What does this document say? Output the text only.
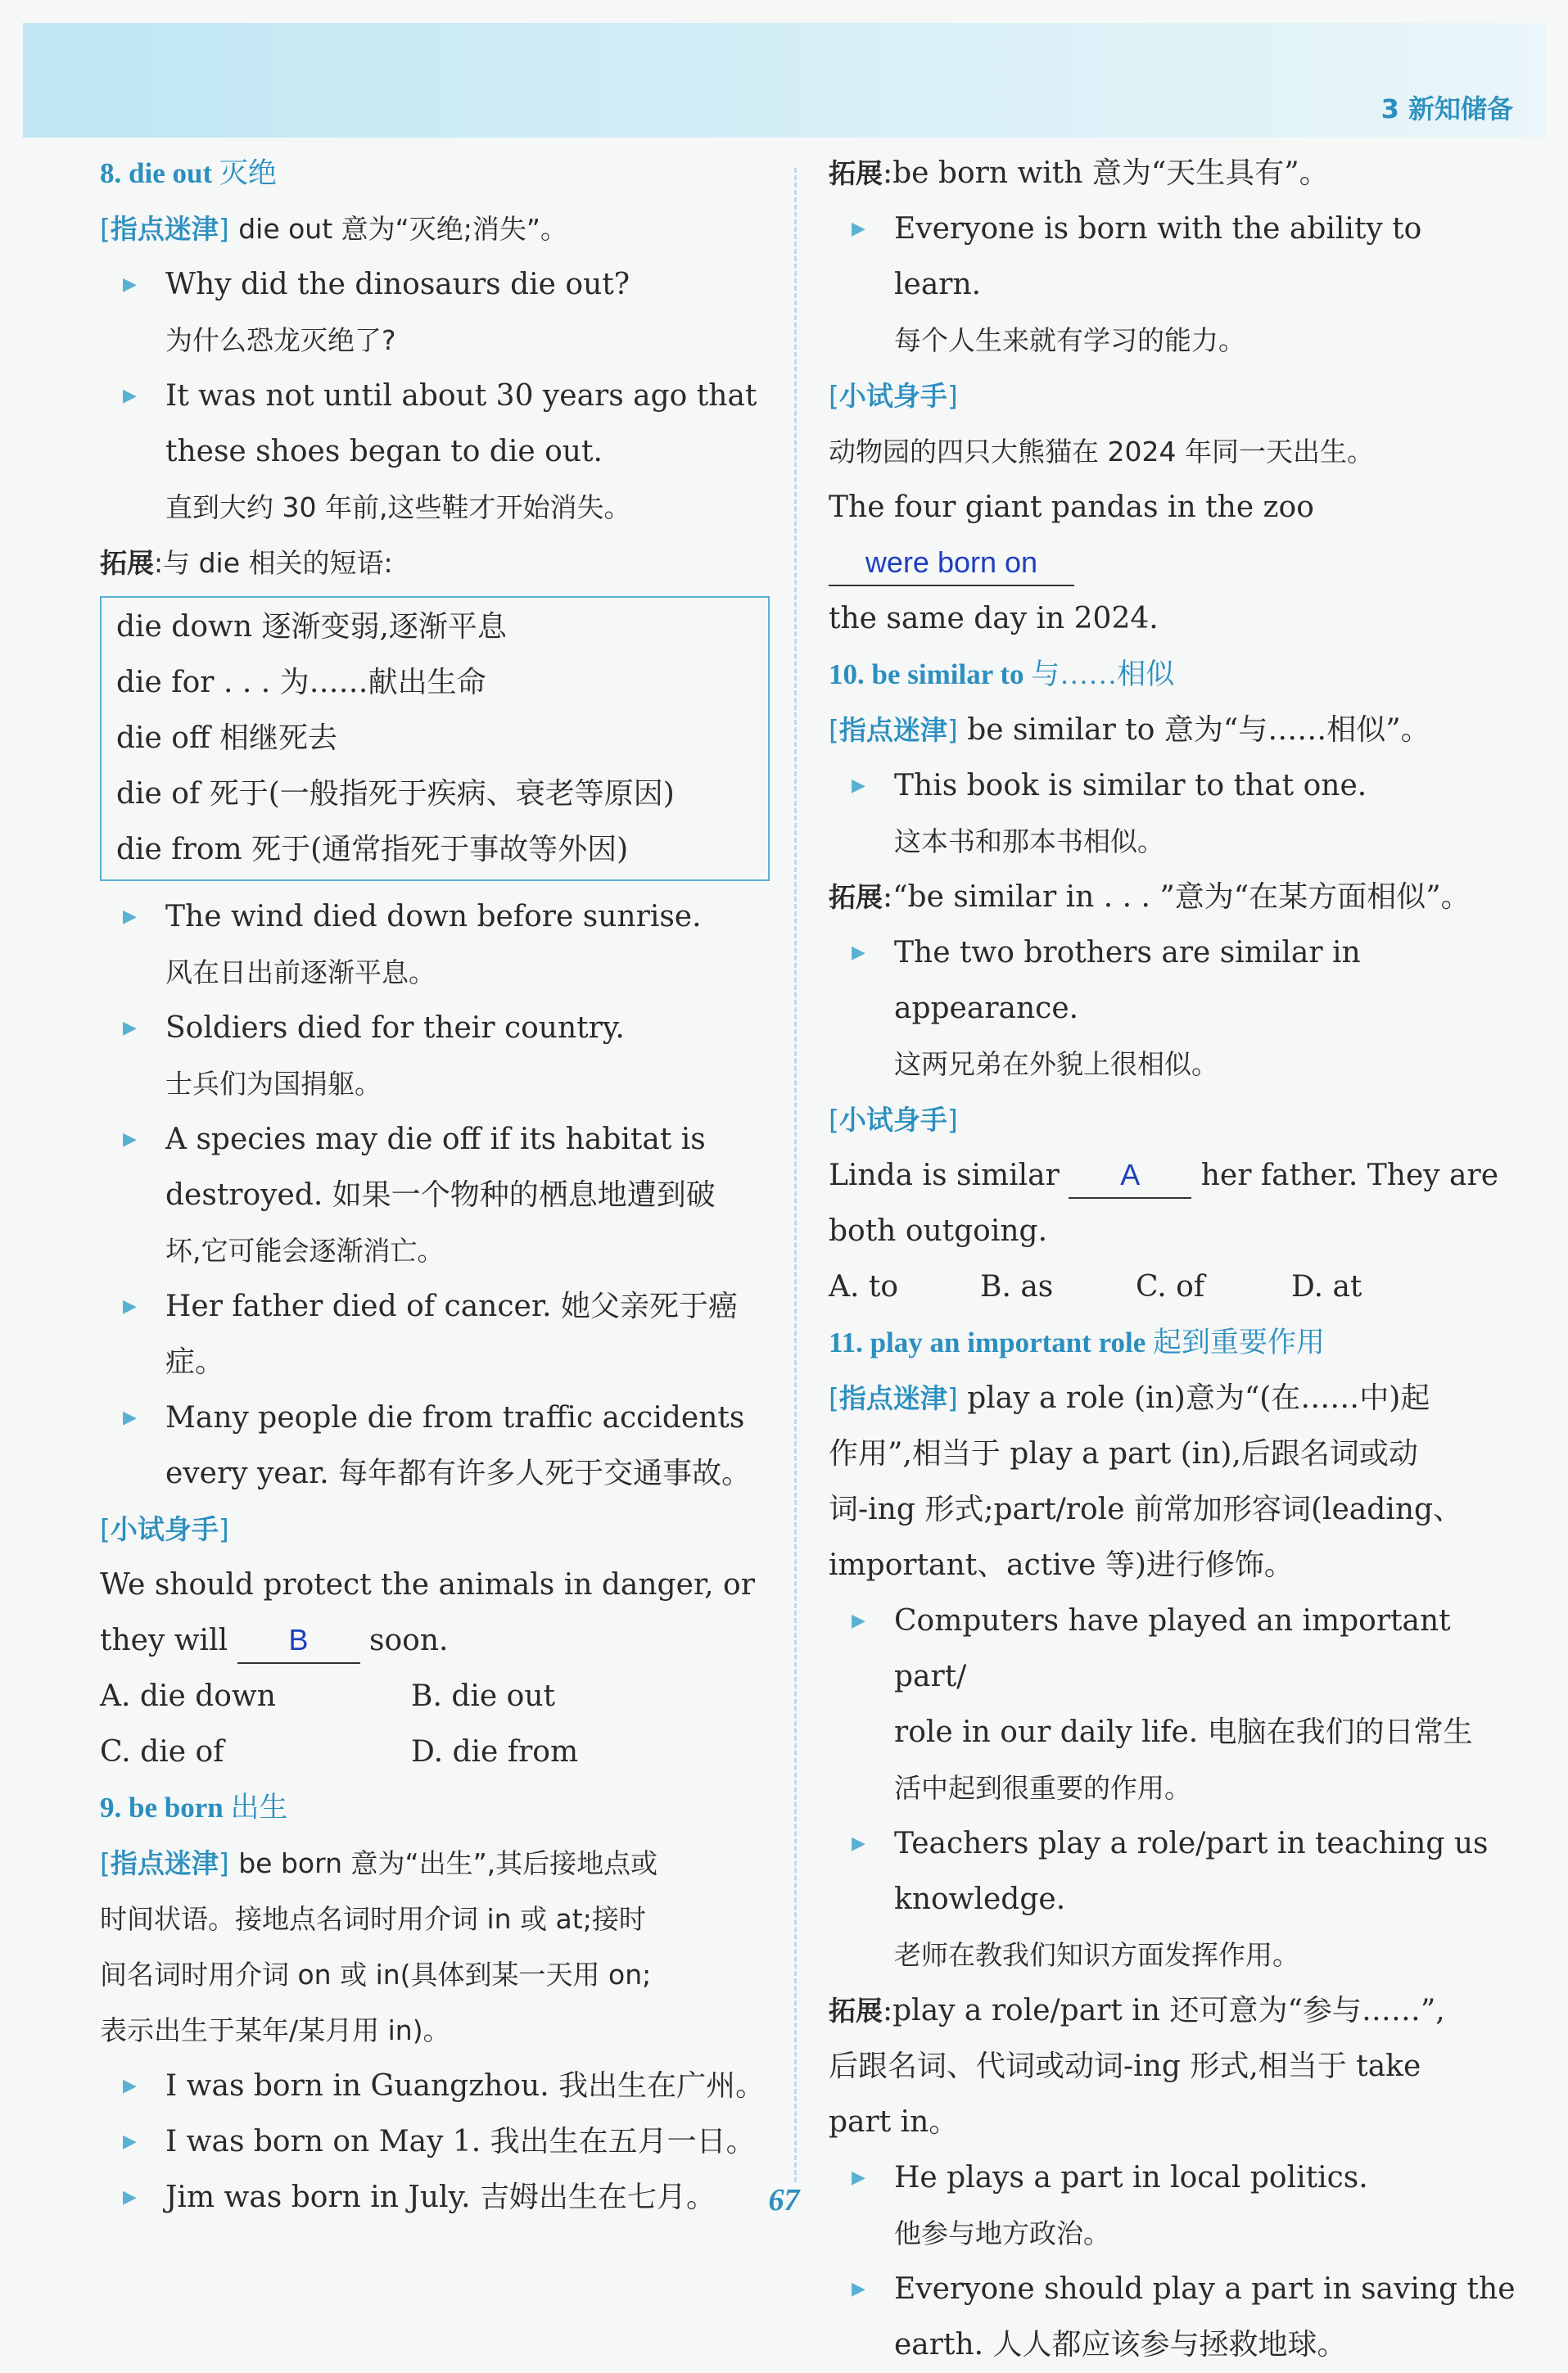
3 新知储备

8. die out 灭绝

[ 指点迷津 ] die out 意为“灭绝;消失”。

▶ Why did the dinosaurs die out?
为什么恐龙灭绝了?
▶ It was not until about 30 years ago that
these shoes began to die out.
直到大约 30 年前,这些鞋才开始消失。

拓展:与 die 相关的短语:

die down 逐渐变弱,逐渐平息

die for . . . 为……献出生命

die off 相继死去

die of 死于(一般指死于疾病、衰老等原因)

die from 死于(通常指死于事故等外因)

▶ The wind died down before sunrise.
风在日出前逐渐平息。
▶ Soldiers died for their country.
士兵们为国捐躯。
▶ A species may die off if its habitat is
destroyed. 如果一个物种的栖息地遭到破
坏,它可能会逐渐消亡。
▶ Her father died of cancer. 她父亲死于癌症。
▶ Many people die from traffic accidents
every year. 每年都有许多人死于交通事故。

[ 小试身手 ]

We should protect the animals in danger, or

they will B soon.

A. die down	B. die out
C. die of	D. die from

9. be born 出生

[ 指点迷津 ] be born 意为“出生”,其后接地点或

时间状语。接地点名词时用介词 in 或 at;接时

间名词时用介词 on 或 in(具体到某一天用 on;

表示出生于某年/某月用 in)。

▶ I was born in Guangzhou. 我出生在广州。
▶ I was born on May 1. 我出生在五月一日。
▶ Jim was born in July. 吉姆出生在七月。

拓展:be born with 意为“天生具有”。

▶ Everyone is born with the ability to learn.
每个人生来就有学习的能力。

[ 小试身手 ]

动物园的四只大熊猫在 2024 年同一天出生。

The four giant pandas in the zoo were born on

the same day in 2024.

10. be similar to 与……相似

[ 指点迷津 ] be similar to 意为“与……相似”。

▶ This book is similar to that one.
这本书和那本书相似。

拓展:“be similar in . . . ”意为“在某方面相似”。

▶ The two brothers are similar in appearance.
这两兄弟在外貌上很相似。

[ 小试身手 ]

Linda is similar A her father. They are

both outgoing.

A. to	B. as	C. of	D. at

11. play an important role 起到重要作用

[ 指点迷津 ] play a role (in)意为“(在……中)起

作用”,相当于 play a part (in),后跟名词或动

词-ing 形式;part/role 前常加形容词(leading、

important、active 等)进行修饰。

▶ Computers have played an important part/
role in our daily life. 电脑在我们的日常生
活中起到很重要的作用。
▶ Teachers play a role/part in teaching us
knowledge.
老师在教我们知识方面发挥作用。

拓展:play a role/part in 还可意为“参与……”,

后跟名词、代词或动词-ing 形式,相当于 take

part in。

▶ He plays a part in local politics.
他参与地方政治。
▶ Everyone should play a part in saving the
earth. 人人都应该参与拯救地球。
67
